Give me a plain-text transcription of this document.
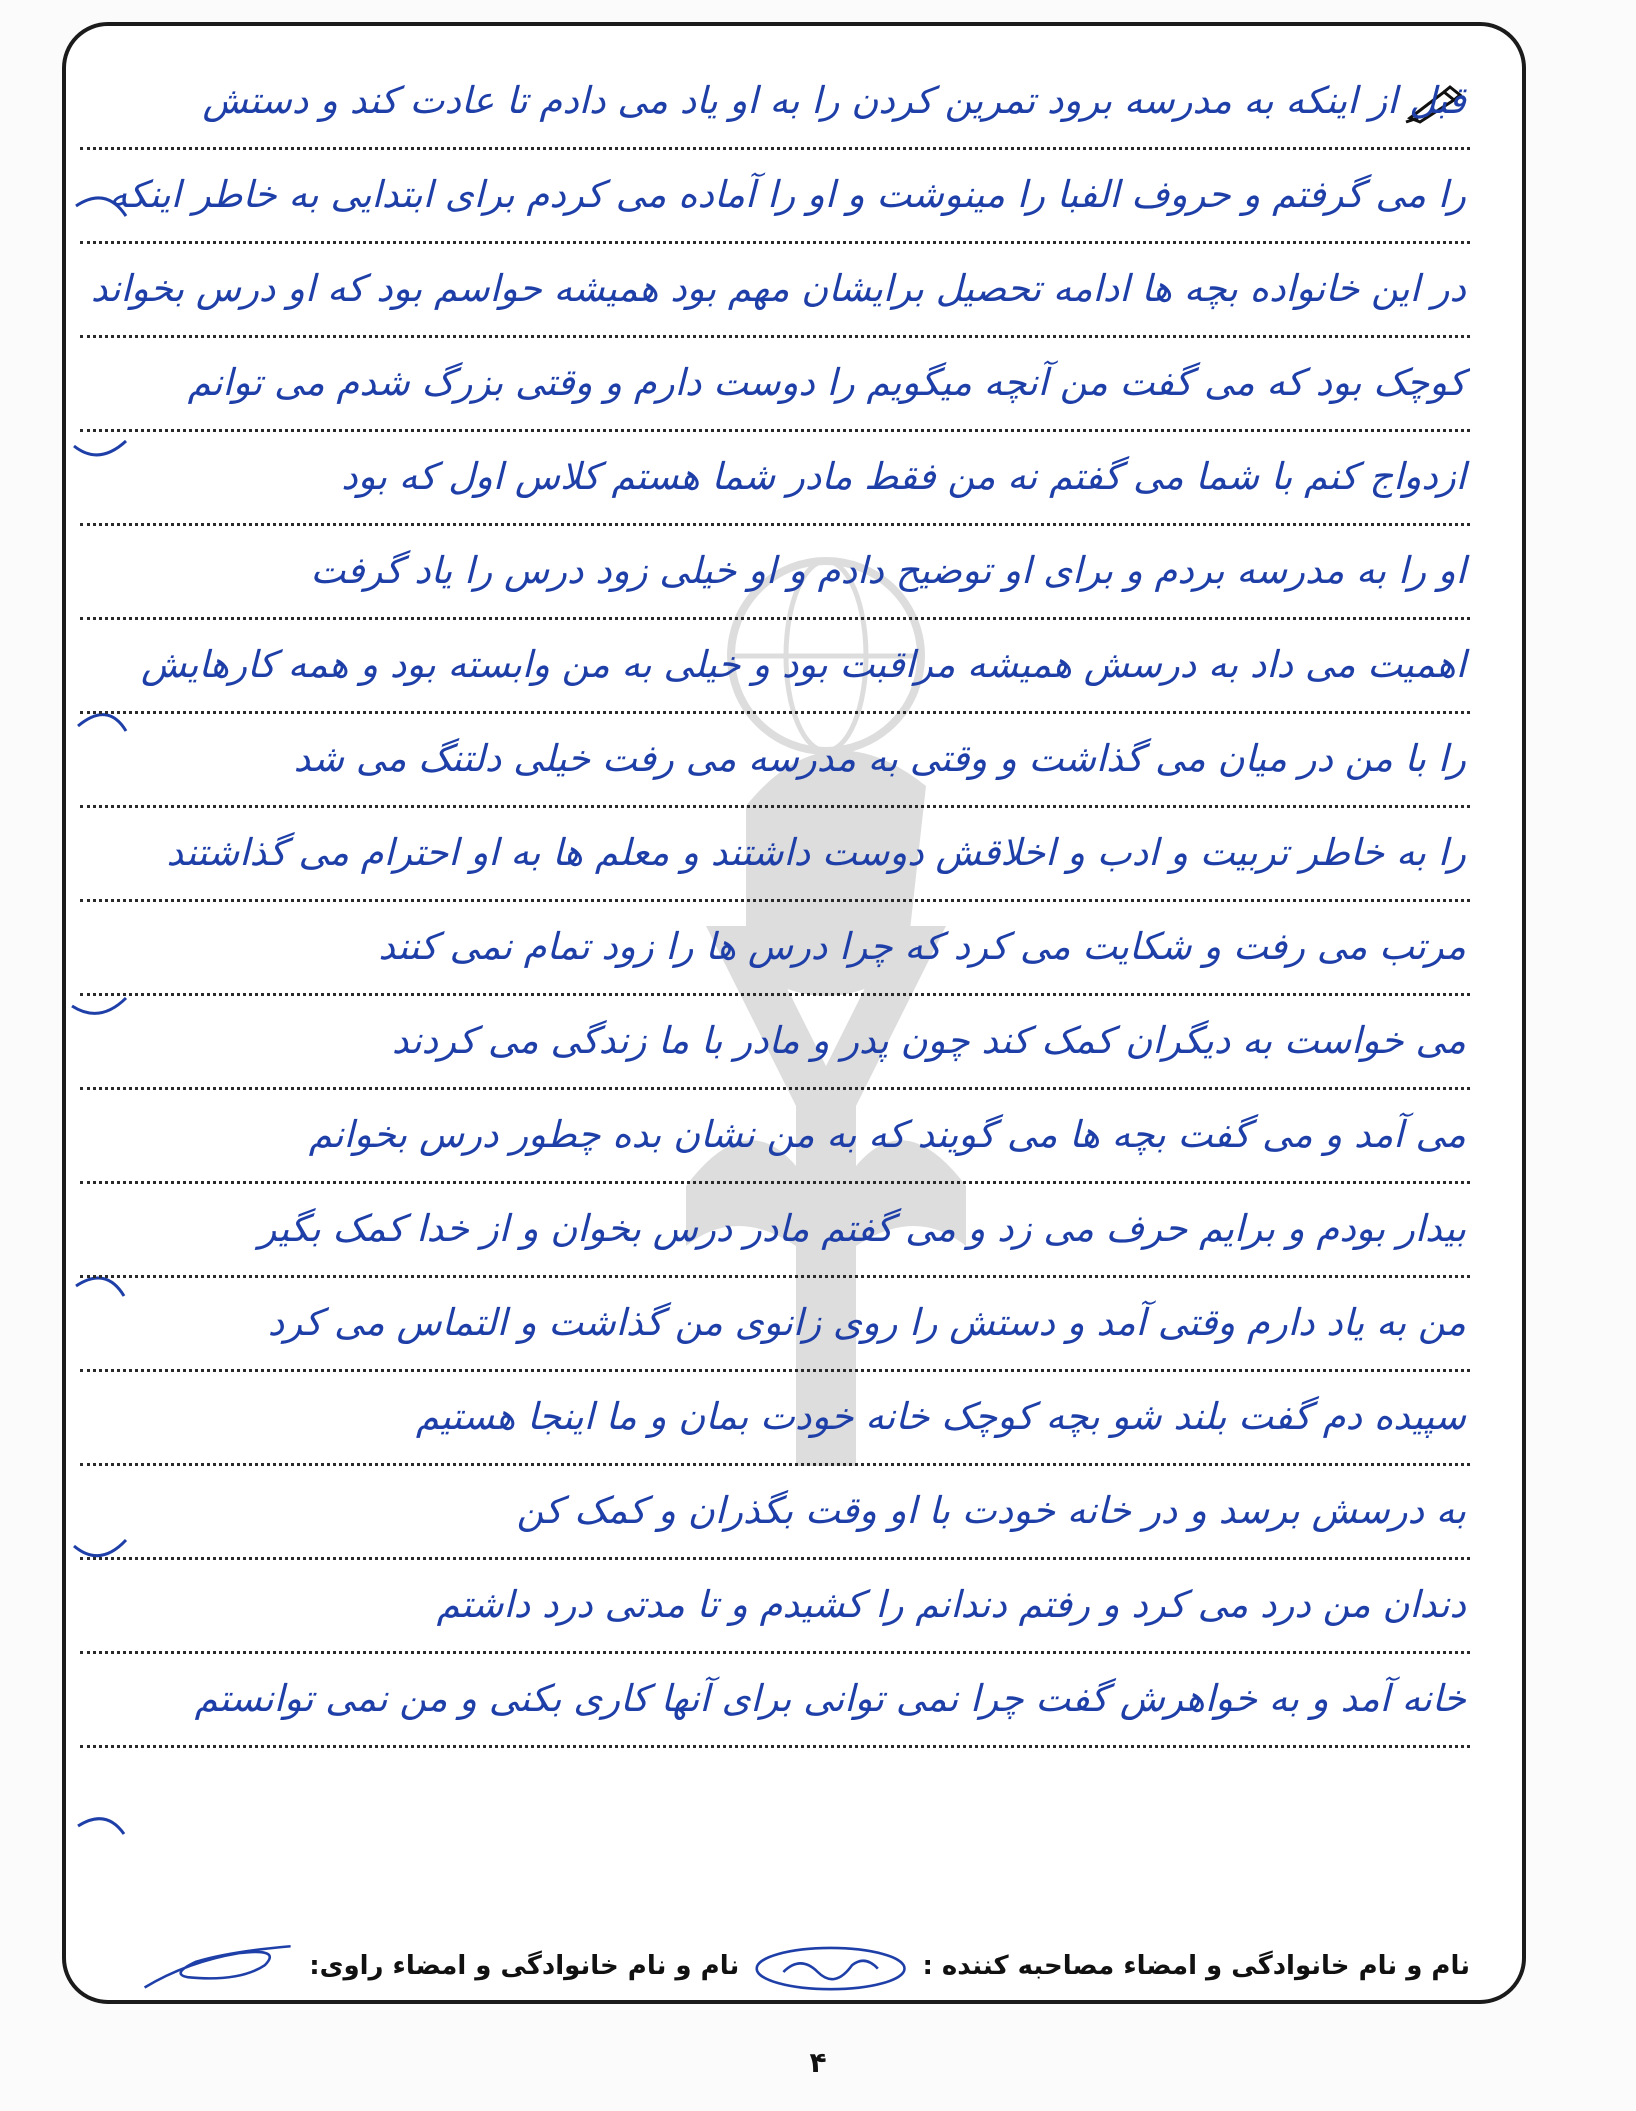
قبل از اینکه به مدرسه برود تمرین کردن را به او یاد می دادم تا عادت کند و دستش
را می گرفتم و حروف الفبا را مینوشت و او را آماده می کردم برای ابتدایی به خاطر اینکه
در این خانواده بچه ها ادامه تحصیل برایشان مهم بود همیشه حواسم بود که او درس بخواند
کوچک بود که می گفت من آنچه میگویم را دوست دارم و وقتی بزرگ شدم می توانم
ازدواج کنم با شما می گفتم نه من فقط مادر شما هستم کلاس اول که بود
او را به مدرسه بردم و برای او توضیح دادم و او خیلی زود درس را یاد گرفت
اهمیت می داد به درسش همیشه مراقبت بود و خیلی به من وابسته بود و همه کارهایش
را با من در میان می گذاشت و وقتی به مدرسه می رفت خیلی دلتنگ می شد
را به خاطر تربیت و ادب و اخلاقش دوست داشتند و معلم ها به او احترام می گذاشتند
مرتب می رفت و شکایت می کرد که چرا درس ها را زود تمام نمی کنند
می خواست به دیگران کمک کند چون پدر و مادر با ما زندگی می کردند
می آمد و می گفت بچه ها می گویند که به من نشان بده چطور درس بخوانم
بیدار بودم و برایم حرف می زد و می گفتم مادر درس بخوان و از خدا کمک بگیر
من به یاد دارم وقتی آمد و دستش را روی زانوی من گذاشت و التماس می کرد
سپیده دم گفت بلند شو بچه کوچک خانه خودت بمان و ما اینجا هستیم
به درسش برسد و در خانه خودت با او وقت بگذران و کمک کن
دندان من درد می کرد و رفتم دندانم را کشیدم و تا مدتی درد داشتم
خانه آمد و به خواهرش گفت چرا نمی توانی برای آنها کاری بکنی و من نمی توانستم
نام و نام خانوادگی و امضاء مصاحبه کننده :
نام و نام خانوادگی و امضاء راوی:
۴
